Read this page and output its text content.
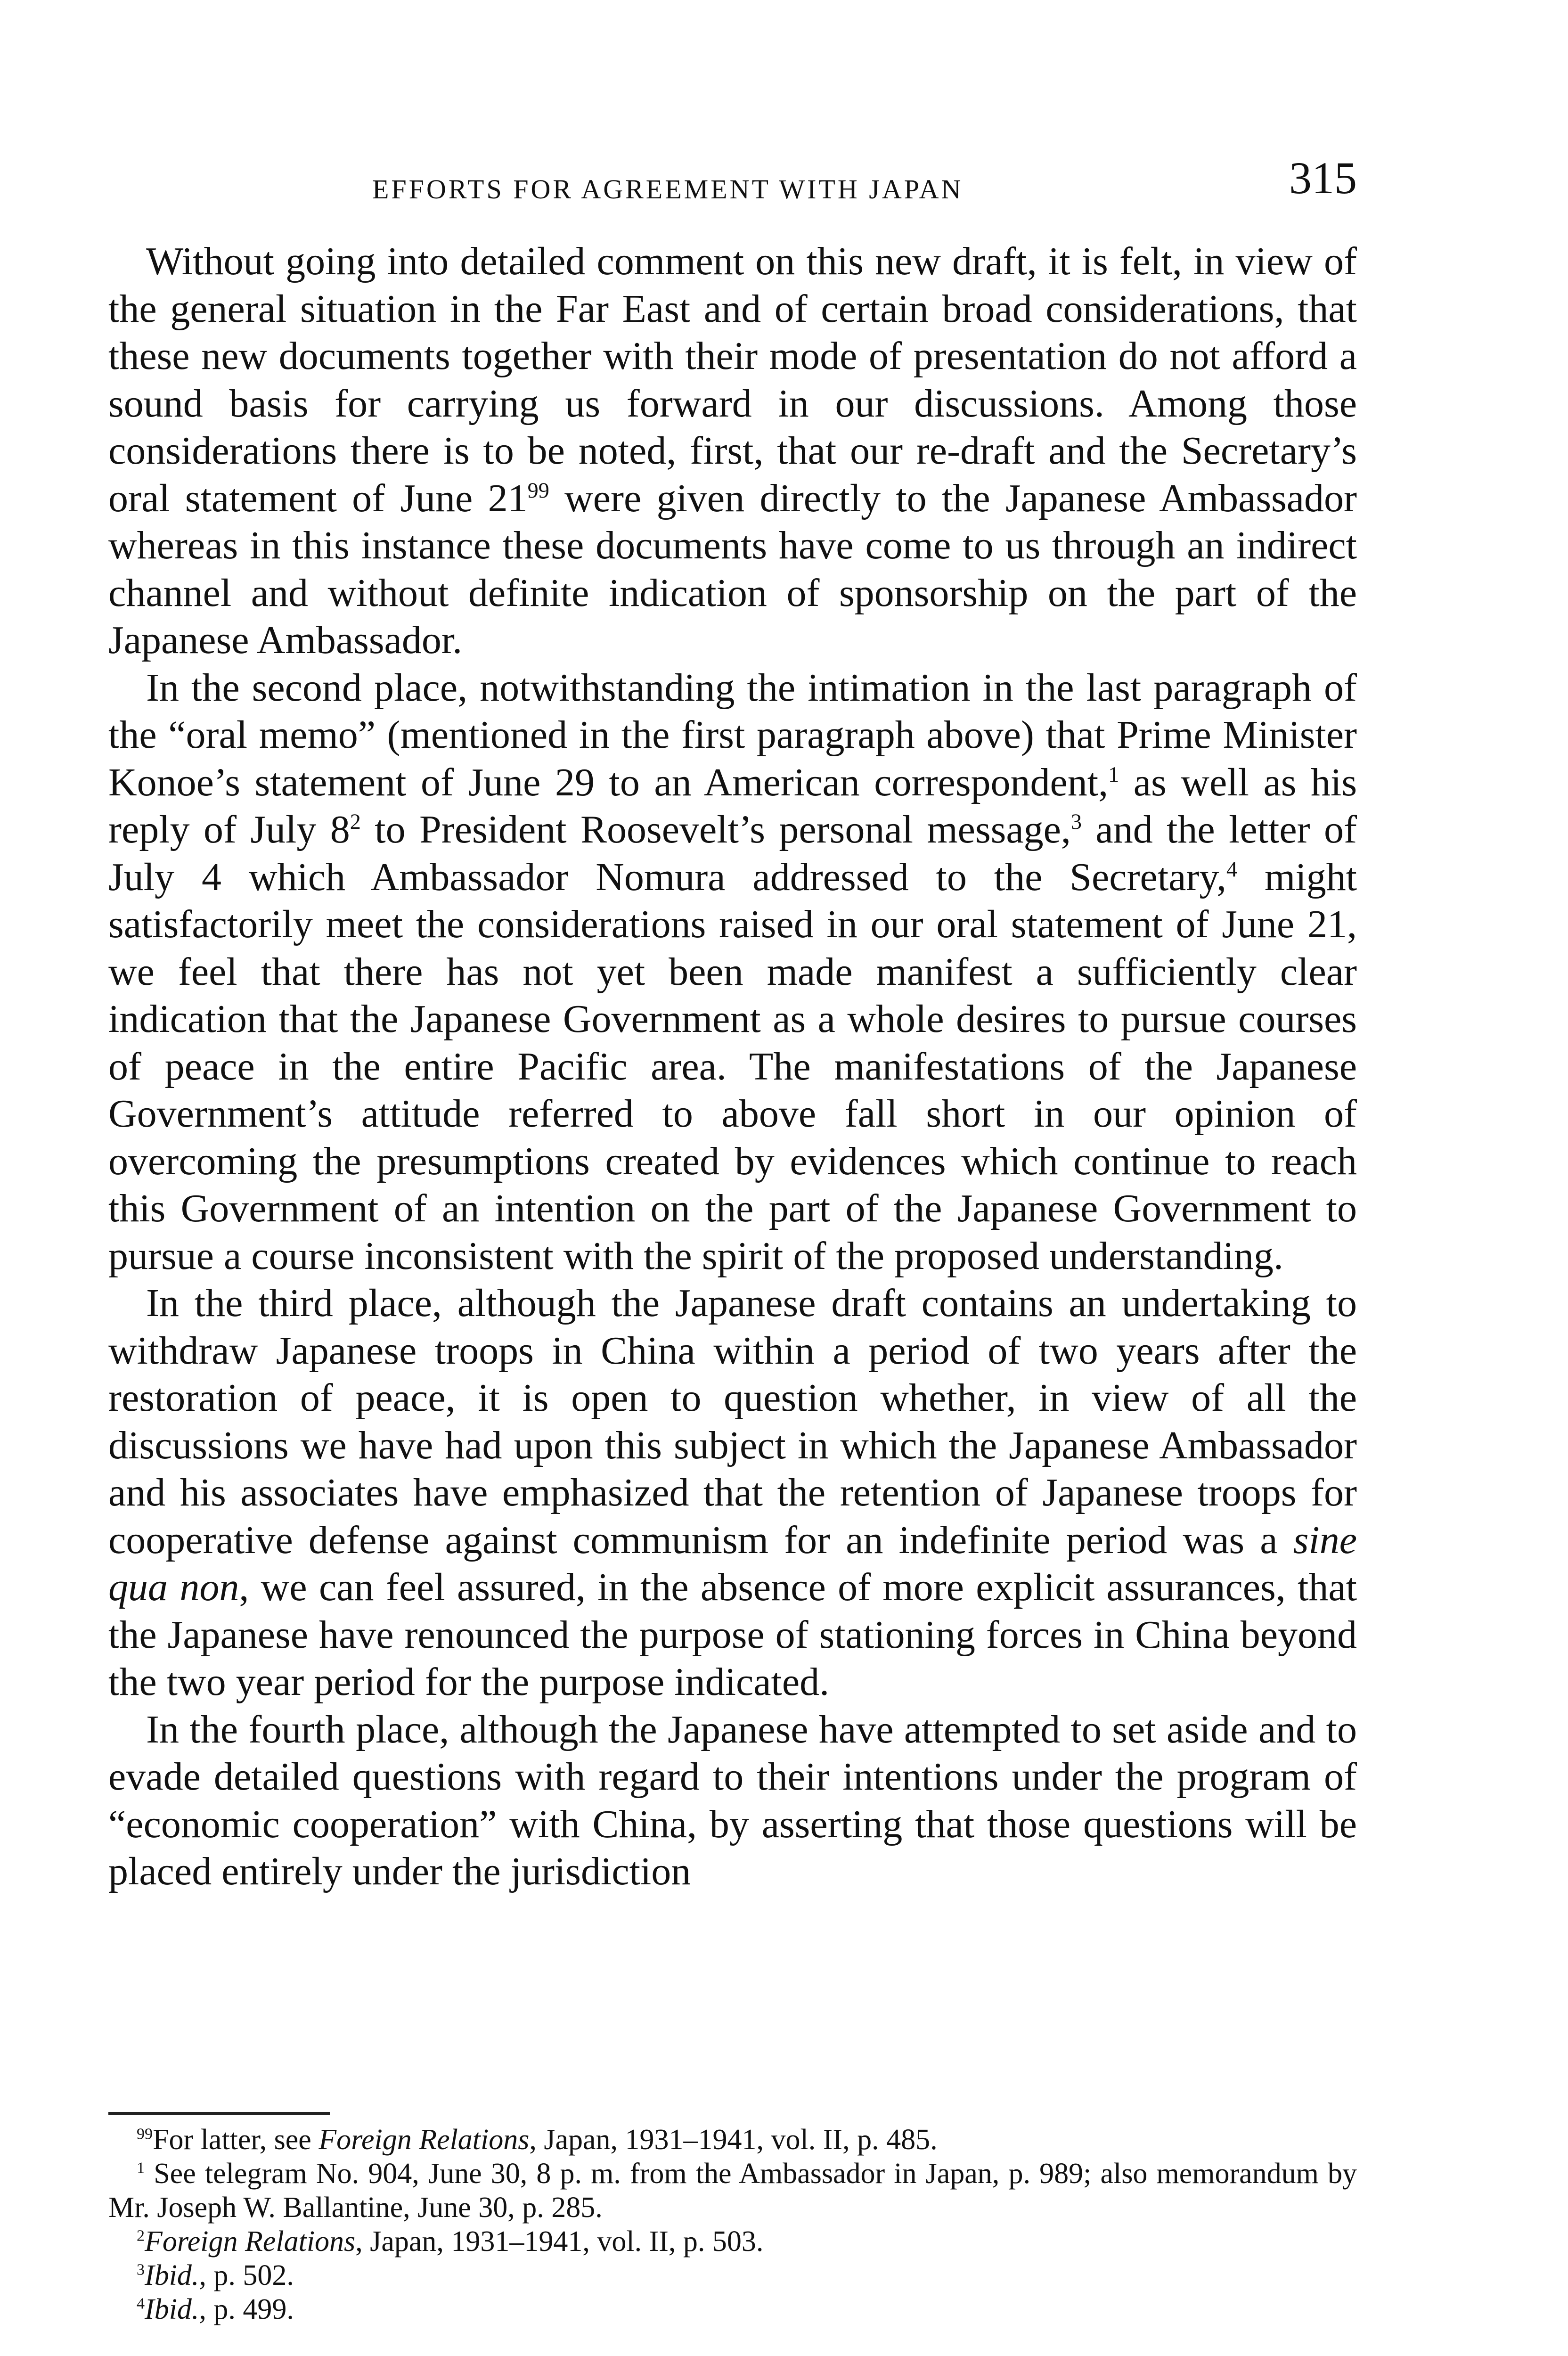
EFFORTS FOR AGREEMENT WITH JAPAN	315

Without going into detailed comment on this new draft, it is felt, in view of the general situation in the Far East and of certain broad considerations, that these new documents together with their mode of presentation do not afford a sound basis for carrying us forward in our discussions. Among those considerations there is to be noted, first, that our re-draft and the Secretary’s oral statement of June $21^{99}$ were given directly to the Japanese Ambassador whereas in this instance these documents have come to us through an indirect channel and without definite indication of sponsorship on the part of the Japanese Ambassador.

In the second place, notwithstanding the intimation in the last paragraph of the “oral memo” (mentioned in the first paragraph above) that Prime Minister Konoe’s statement of June 29 to an American correspondent,$^1$ as well as his reply of July $8^2$ to President Roosevelt’s personal message,$^3$ and the letter of July 4 which Ambassador Nomura addressed to the Secretary,$^4$ might satisfactorily meet the considerations raised in our oral statement of June 21, we feel that there has not yet been made manifest a sufficiently clear indication that the Japanese Government as a whole desires to pursue courses of peace in the entire Pacific area. The manifestations of the Japanese Government’s attitude referred to above fall short in our opinion of overcoming the presumptions created by evidences which continue to reach this Government of an intention on the part of the Japanese Government to pursue a course inconsistent with the spirit of the proposed understanding.

In the third place, although the Japanese draft contains an undertaking to withdraw Japanese troops in China within a period of two years after the restoration of peace, it is open to question whether, in view of all the discussions we have had upon this subject in which the Japanese Ambassador and his associates have emphasized that the retention of Japanese troops for cooperative defense against communism for an indefinite period was a sine qua non, we can feel assured, in the absence of more explicit assurances, that the Japanese have renounced the purpose of stationing forces in China beyond the two year period for the purpose indicated.

In the fourth place, although the Japanese have attempted to set aside and to evade detailed questions with regard to their intentions under the program of “economic cooperation” with China, by asserting that those questions will be placed entirely under the jurisdiction

$^{99}$For latter, see Foreign Relations, Japan, 1931–1941, vol. II, p. 485.

$^1$ See telegram No. 904, June 30, 8 p. m. from the Ambassador in Japan, p. 989; also memorandum by Mr. Joseph W. Ballantine, June 30, p. 285.

$^2$Foreign Relations, Japan, 1931–1941, vol. II, p. 503.

$^3$Ibid., p. 502.

$^4$Ibid., p. 499.
